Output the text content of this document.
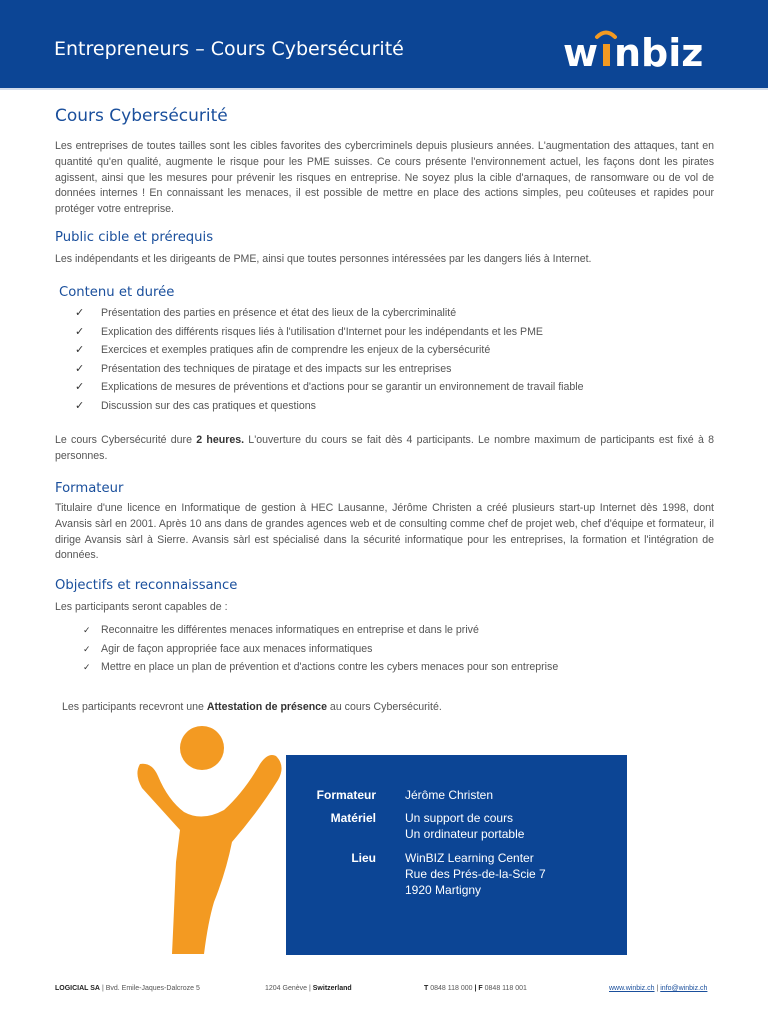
Entrepreneurs – Cours Cybersécurité	w nbiz
Cours Cybersécurité
Les entreprises de toutes tailles sont les cibles favorites des cybercriminels depuis plusieurs années. L'augmentation des attaques, tant en quantité qu'en qualité, augmente le risque pour les PME suisses. Ce cours présente l'environnement actuel, les façons dont les pirates agissent, ainsi que les mesures pour prévenir les risques en entreprise. Ne soyez plus la cible d'arnaques, de ransomware ou de vol de données internes ! En connaissant les menaces, il est possible de mettre en place des actions simples, peu coûteuses et rapides pour protéger votre entreprise.
Public cible et prérequis
Les indépendants et les dirigeants de PME, ainsi que toutes personnes intéressées par les dangers liés à Internet.
Contenu et durée
✓ Présentation des parties en présence et état des lieux de la cybercriminalité
✓ Explication des différents risques liés à l'utilisation d'Internet pour les indépendants et les PME
✓ Exercices et exemples pratiques afin de comprendre les enjeux de la cybersécurité
✓ Présentation des techniques de piratage et des impacts sur les entreprises
✓ Explications de mesures de préventions et d'actions pour se garantir un environnement de travail fiable
✓ Discussion sur des cas pratiques et questions
Le cours Cybersécurité dure 2 heures. L'ouverture du cours se fait dès 4 participants. Le nombre maximum de participants est fixé à 8 personnes.
Formateur
Titulaire d'une licence en Informatique de gestion à HEC Lausanne, Jérôme Christen a créé plusieurs start-up Internet dès 1998, dont Avansis sàrl en 2001. Après 10 ans dans de grandes agences web et de consulting comme chef de projet web, chef d'équipe et formateur, il dirige Avansis sàrl à Sierre. Avansis sàrl est spécialisé dans la sécurité informatique pour les entreprises, la formation et l'intégration de données.
Objectifs et reconnaissance
Les participants seront capables de :
✓ Reconnaitre les différentes menaces informatiques en entreprise et dans le privé
✓ Agir de façon appropriée face aux menaces informatiques
✓ Mettre en place un plan de prévention et d'actions contre les cybers menaces pour son entreprise
Les participants recevront une Attestation de présence au cours Cybersécurité.
Formateur Jérôme Christen
Matériel Un support de cours
Un ordinateur portable
Lieu WinBIZ Learning Center
Rue des Prés-de-la-Scie 7
1920 Martigny
LOGICIAL SA | Bvd. Emile-Jaques-Dalcroze 5	1204 Genève | Switzerland	T 0848 118 000 | F 0848 118 001	www.winbiz.ch | info@winbiz.ch
